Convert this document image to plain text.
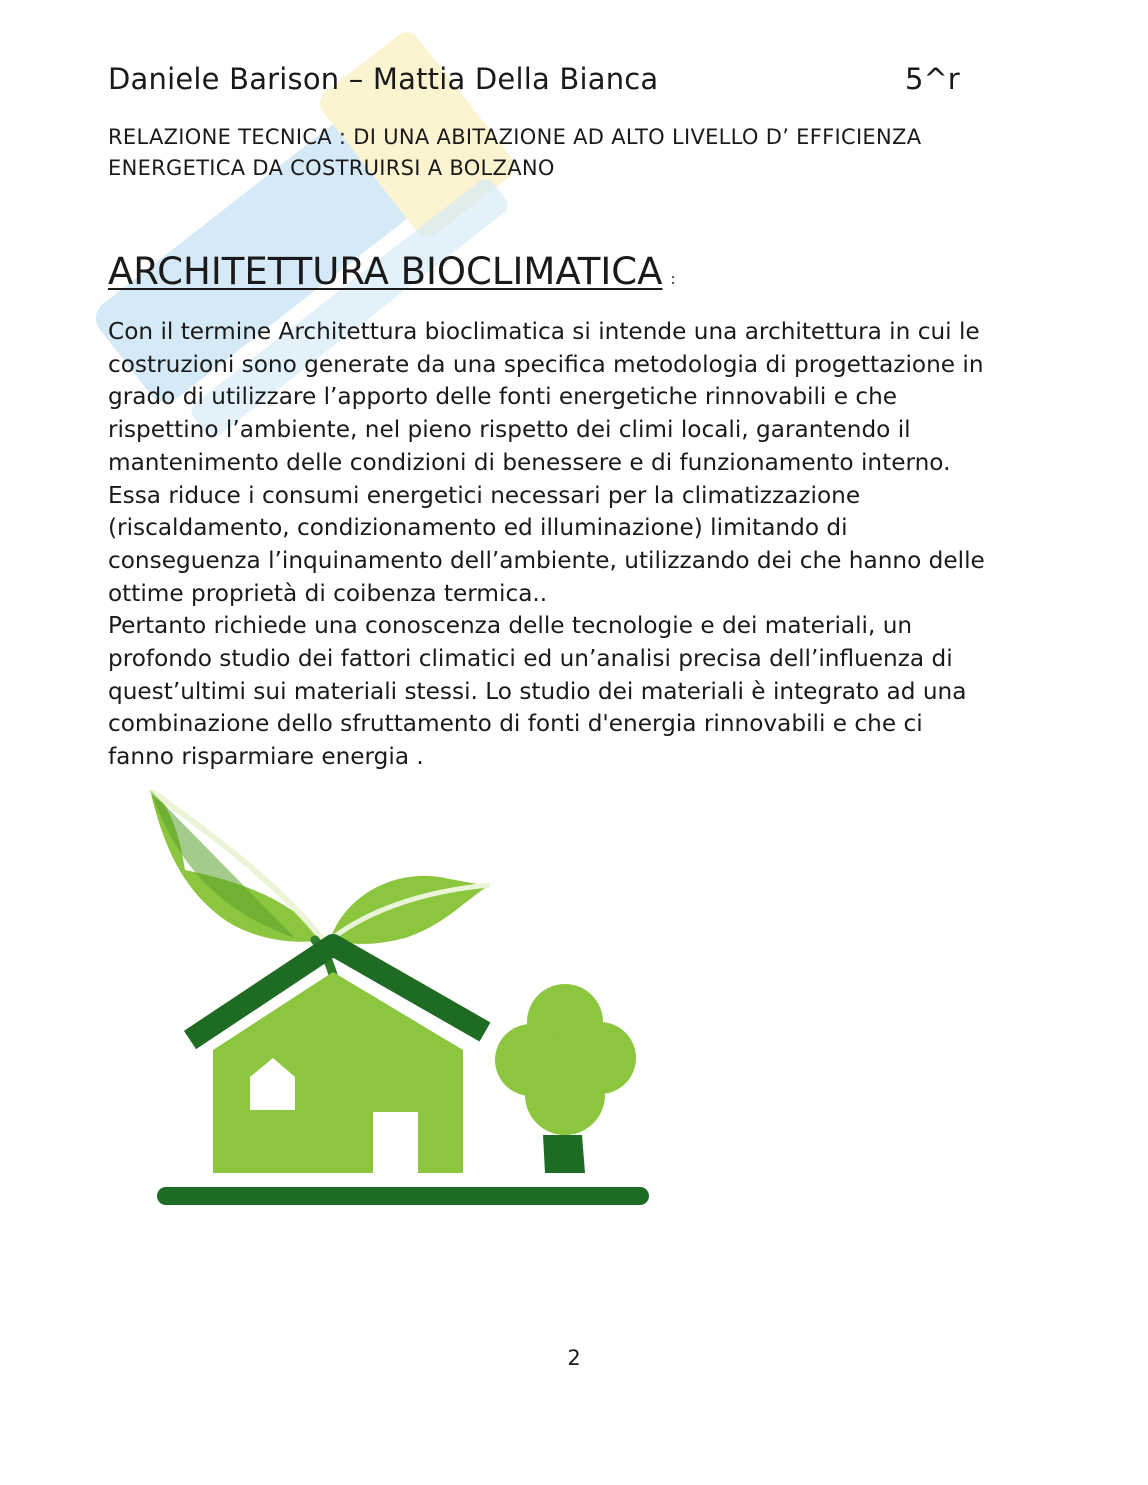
Daniele Barison – Mattia Della Bianca	5^r
RELAZIONE TECNICA : DI UNA ABITAZIONE AD ALTO LIVELLO D’ EFFICIENZA
ENERGETICA DA COSTRUIRSI A BOLZANO
ARCHITETTURA BIOCLIMATICA :

Con il termine Architettura bioclimatica si intende una architettura in cui le

costruzioni sono generate da una specifica metodologia di progettazione in

grado di utilizzare l’apporto delle fonti energetiche rinnovabili e che

rispettino l’ambiente, nel pieno rispetto dei climi locali, garantendo il

mantenimento delle condizioni di benessere e di funzionamento interno.

Essa riduce i consumi energetici necessari per la climatizzazione

(riscaldamento, condizionamento ed illuminazione) limitando di

conseguenza l’inquinamento dell’ambiente, utilizzando dei che hanno delle

ottime proprietà di coibenza termica..

Pertanto richiede una conoscenza delle tecnologie e dei materiali, un

profondo studio dei fattori climatici ed un’analisi precisa dell’influenza di

quest’ultimi sui materiali stessi. Lo studio dei materiali è integrato ad una

combinazione dello sfruttamento di fonti d'energia rinnovabili e che ci

fanno risparmiare energia .

2
